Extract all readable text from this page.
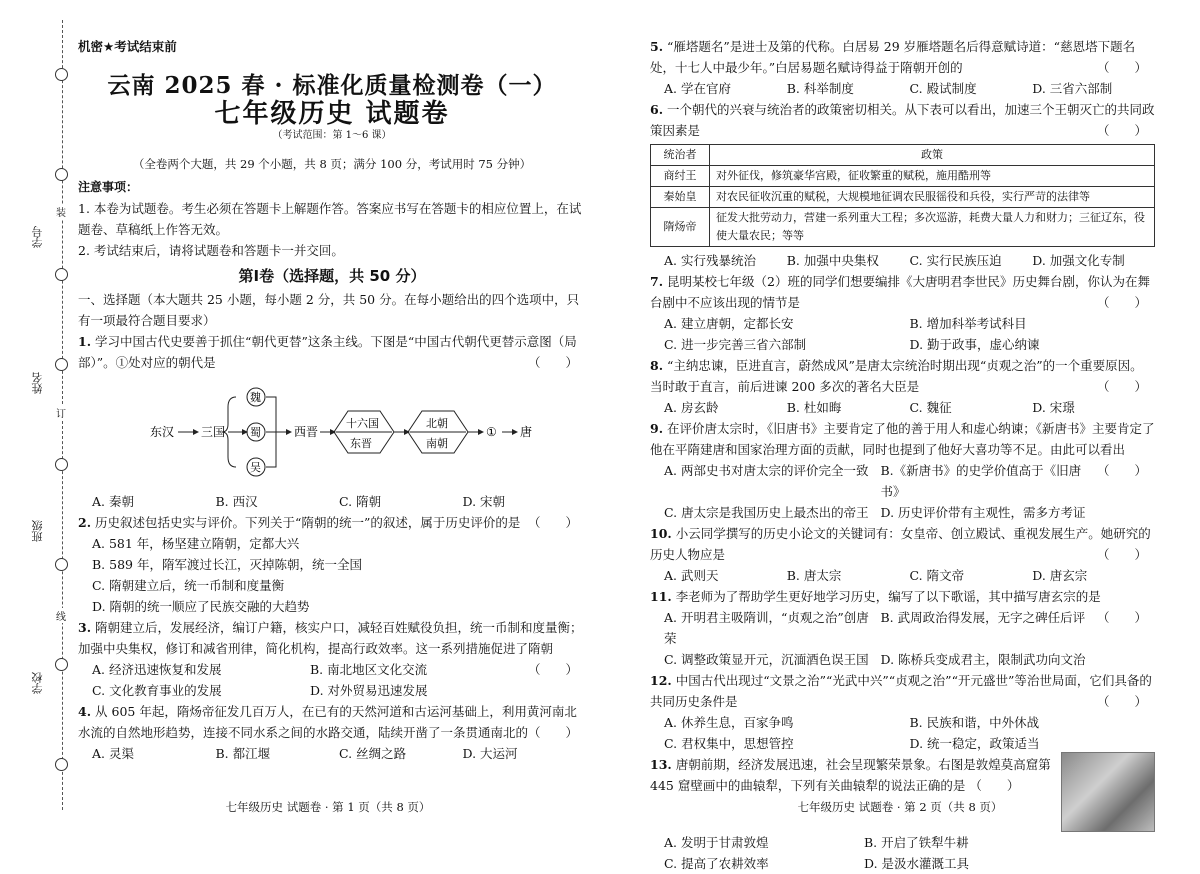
装
订
线
学号
姓名
班级
学校
机密★考试结束前
云南 2025 春 · 标准化质量检测卷（一）
七年级历史 试题卷
（考试范围：第 1～6 课）
（全卷两个大题，共 29 个小题，共 8 页；满分 100 分，考试用时 75 分钟）
注意事项：
1. 本卷为试题卷。考生必须在答题卡上解题作答。答案应书写在答题卡的相应位置上，在试题卷、草稿纸上作答无效。
2. 考试结束后，请将试题卷和答题卡一并交回。
第Ⅰ卷（选择题，共 50 分）
一、选择题（本大题共 25 小题，每小题 2 分，共 50 分。在每小题给出的四个选项中，只有一项最符合题目要求）
1. 学习中国古代史要善于抓住“朝代更替”这条主线。下图是“中国古代朝代更替示意图（局部）”。①处对应的朝代是	（　　）
东汉 三国
魏
蜀
吴
西晋
十六国
东晋
北朝
南朝
① 唐
A. 秦朝	B. 西汉	C. 隋朝	D. 宋朝
2. 历史叙述包括史实与评价。下列关于“隋朝的统一”的叙述，属于历史评价的是 （　　）
A. 581 年，杨坚建立隋朝，定都大兴
B. 589 年，隋军渡过长江，灭掉陈朝，统一全国
C. 隋朝建立后，统一币制和度量衡
D. 隋朝的统一顺应了民族交融的大趋势
3. 隋朝建立后，发展经济，编订户籍，核实户口，减轻百姓赋役负担，统一币制和度量衡；加强中央集权，修订和减省刑律，简化机构，提高行政效率。这一系列措施促进了隋朝
（　　）
A. 经济迅速恢复和发展	B. 南北地区文化交流
C. 文化教育事业的发展	D. 对外贸易迅速发展
4. 从 605 年起，隋炀帝征发几百万人，在已有的天然河道和古运河基础上，利用黄河南北水流的自然地形趋势，连接不同水系之间的水路交通，陆续开凿了一条贯通南北的 （　　）
A. 灵渠	B. 都江堰	C. 丝绸之路	D. 大运河
七年级历史 试题卷 · 第 1 页（共 8 页）
5. “雁塔题名”是进士及第的代称。白居易 29 岁雁塔题名后得意赋诗道：“慈恩塔下题名处，十七人中最少年。”白居易题名赋诗得益于隋朝开创的	（　　）
A. 学在官府	B. 科举制度	C. 殿试制度	D. 三省六部制
6. 一个朝代的兴衰与统治者的政策密切相关。从下表可以看出，加速三个王朝灭亡的共同政策因素是	（　　）
统治者	政策
商纣王	对外征伐，修筑豪华宫殿，征收繁重的赋税，施用酷刑等
秦始皇	对农民征收沉重的赋税，大规模地征调农民服徭役和兵役，实行严苛的法律等
隋炀帝	征发大批劳动力，营建一系列重大工程；多次巡游，耗费大量人力和财力；三征辽东，役使大量农民；等等
A. 实行残暴统治	B. 加强中央集权	C. 实行民族压迫	D. 加强文化专制
7. 昆明某校七年级（2）班的同学们想要编排《大唐明君李世民》历史舞台剧，你认为在舞台剧中不应该出现的情节是	（　　）
A. 建立唐朝，定都长安	B. 增加科举考试科目
C. 进一步完善三省六部制	D. 勤于政事，虚心纳谏
8. “主纳忠谏，臣进直言，蔚然成风”是唐太宗统治时期出现“贞观之治”的一个重要原因。当时敢于直言，前后进谏 200 多次的著名大臣是	（　　）
A. 房玄龄	B. 杜如晦	C. 魏征	D. 宋璟
9. 在评价唐太宗时，《旧唐书》主要肯定了他的善于用人和虚心纳谏；《新唐书》主要肯定了他在平隋建唐和国家治理方面的贡献，同时也提到了他好大喜功等不足。由此可以看出
（　　）
A. 两部史书对唐太宗的评价完全一致 B.《新唐书》的史学价值高于《旧唐书》
C. 唐太宗是我国历史上最杰出的帝王 D. 历史评价带有主观性，需多方考证
10. 小云同学撰写的历史小论文的关键词有：女皇帝、创立殿试、重视发展生产。她研究的历史人物应是	（　　）
A. 武则天	B. 唐太宗	C. 隋文帝	D. 唐玄宗
11. 李老师为了帮助学生更好地学习历史，编写了以下歌谣，其中描写唐玄宗的是
（　　）
A. 开明君主吸隋训，“贞观之治”创唐荣
B. 武周政治得发展，无字之碑任后评
C. 调整政策显开元，沉湎酒色误王国 D. 陈桥兵变成君主，限制武功向文治
12. 中国古代出现过“文景之治”“光武中兴”“贞观之治”“开元盛世”等治世局面，它们具备的共同历史条件是	（　　）
A. 休养生息，百家争鸣	B. 民族和谐，中外休战
C. 君权集中，思想管控	D. 统一稳定，政策适当
13. 唐朝前期，经济发展迅速，社会呈现繁荣景象。右图是敦煌莫高窟第 445 窟壁画中的曲辕犁，下列有关曲辕犁的说法正确的是 （　　）
A. 发明于甘肃敦煌	B. 开启了铁犁牛耕
C. 提高了农耕效率	D. 是汲水灌溉工具
七年级历史 试题卷 · 第 2 页（共 8 页）
